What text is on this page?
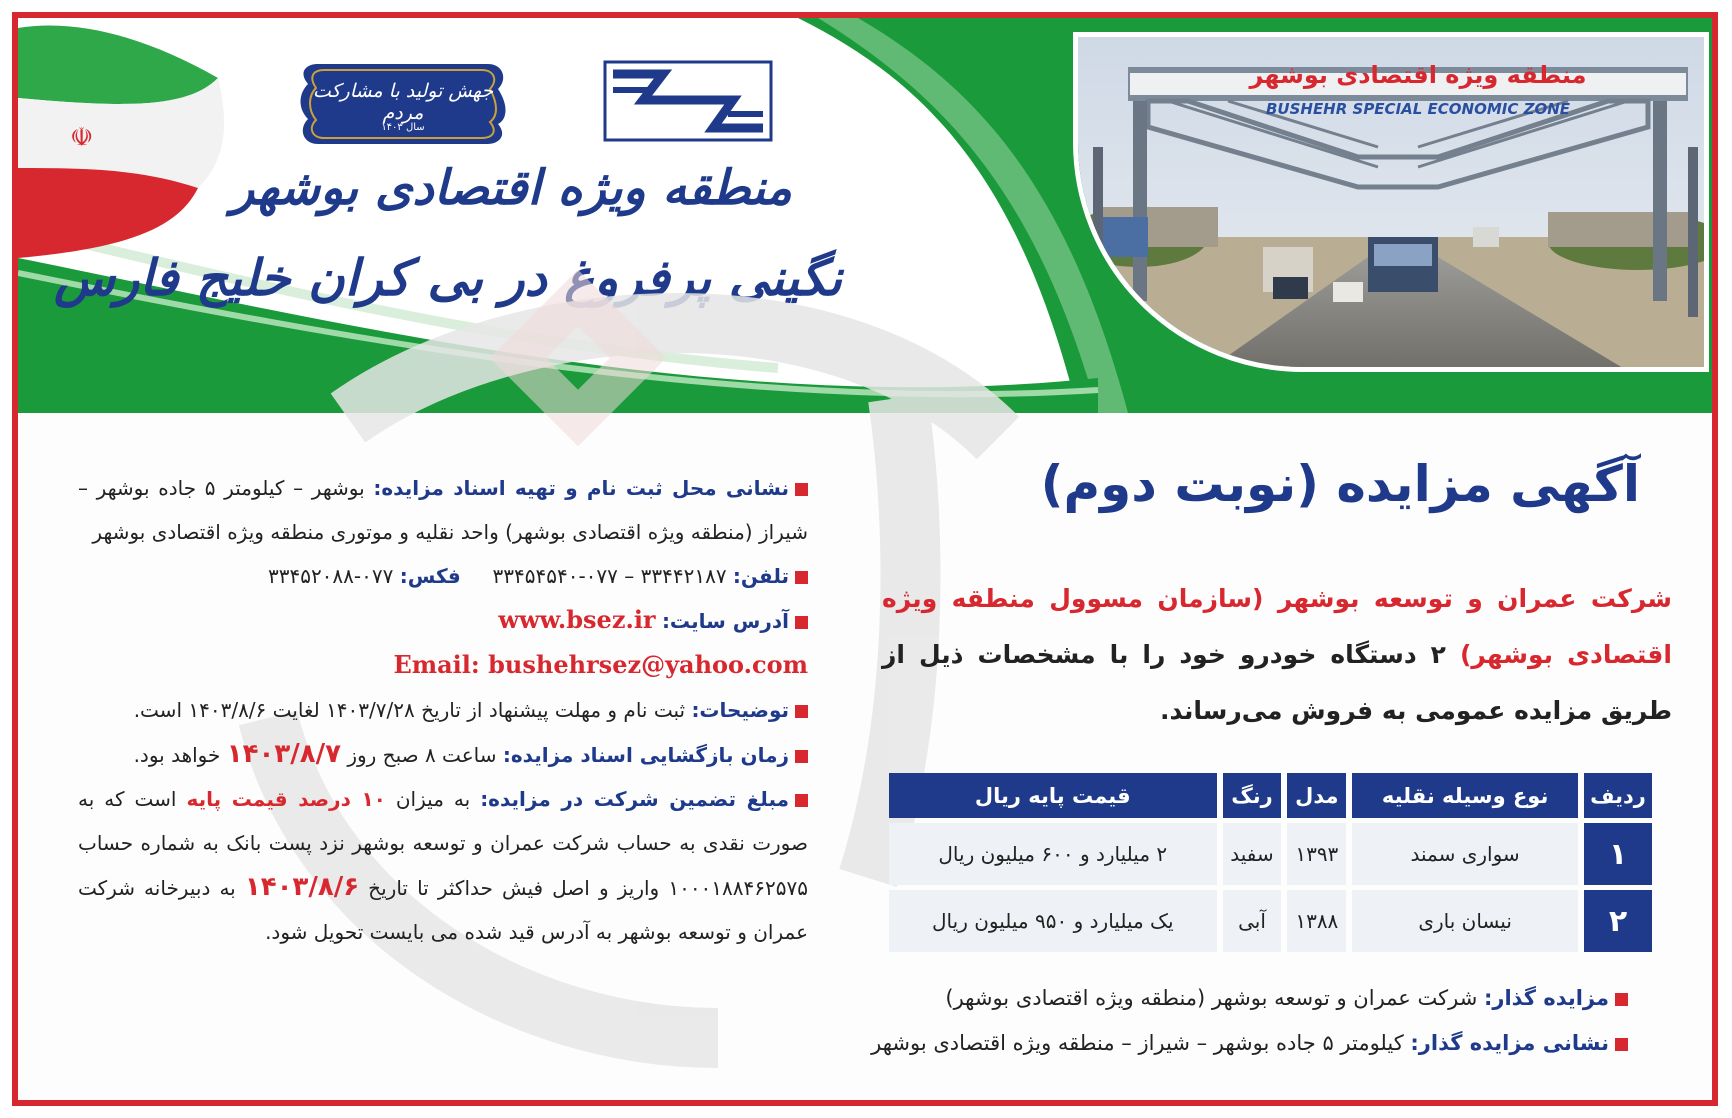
☫
جهش تولید با مشارکت مردم
سال ۱۴۰۳
منطقه ویژه اقتصادی بوشهر
نگینی پرفروغ در بی کران خلیج فارس
منطقه ویژه اقتصادی بوشهر
BUSHEHR SPECIAL ECONOMIC ZONE
آگهی مزایده (نوبت دوم)
شرکت عمران و توسعه بوشهر (سازمان مسوول منطقه ویژه اقتصادی بوشهر) ۲ دستگاه خودرو خود را با مشخصات ذیل از طریق مزایده عمومی به فروش می‌رساند.
ردیف	نوع وسیله نقلیه	مدل	رنگ	قیمت پایه ریال
۱	سواری سمند	۱۳۹۳	سفید	۲ میلیارد و ۶۰۰ میلیون ریال
۲	نیسان باری	۱۳۸۸	آبی	یک میلیارد و ۹۵۰ میلیون ریال

مزایده گذار: شرکت عمران و توسعه بوشهر (منطقه ویژه اقتصادی بوشهر)

نشانی مزایده گذار: کیلومتر ۵ جاده بوشهر – شیراز – منطقه ویژه اقتصادی بوشهر

نشانی محل ثبت نام و تهیه اسناد مزایده: بوشهر – کیلومتر ۵ جاده بوشهر – شیراز (منطقه ویژه اقتصادی بوشهر) واحد نقلیه و موتوری منطقه ویژه اقتصادی بوشهر

تلفن: ۳۳۴۴۲۱۸۷ – ۰۷۷-۳۳۴۵۴۵۴۰     فکس: ۰۷۷-۳۳۴۵۲۰۸۸

آدرس سایت: www.bsez.ir

Email: bushehrsez@yahoo.com

توضیحات: ثبت نام و مهلت پیشنهاد از تاریخ ۱۴۰۳/۷/۲۸ لغایت ۱۴۰۳/۸/۶ است.

زمان بازگشایی اسناد مزایده: ساعت ۸ صبح روز ۱۴۰۳/۸/۷ خواهد بود.

مبلغ تضمین شرکت در مزایده: به میزان ۱۰ درصد قیمت پایه است که به صورت نقدی به حساب شرکت عمران و توسعه بوشهر نزد پست بانک به شماره حساب ۱۰۰۰۱۸۸۴۶۲۵۷۵ واریز و اصل فیش حداکثر تا تاریخ ۱۴۰۳/۸/۶ به دبیرخانه شرکت عمران و توسعه بوشهر به آدرس قید شده می بایست تحویل شود.
